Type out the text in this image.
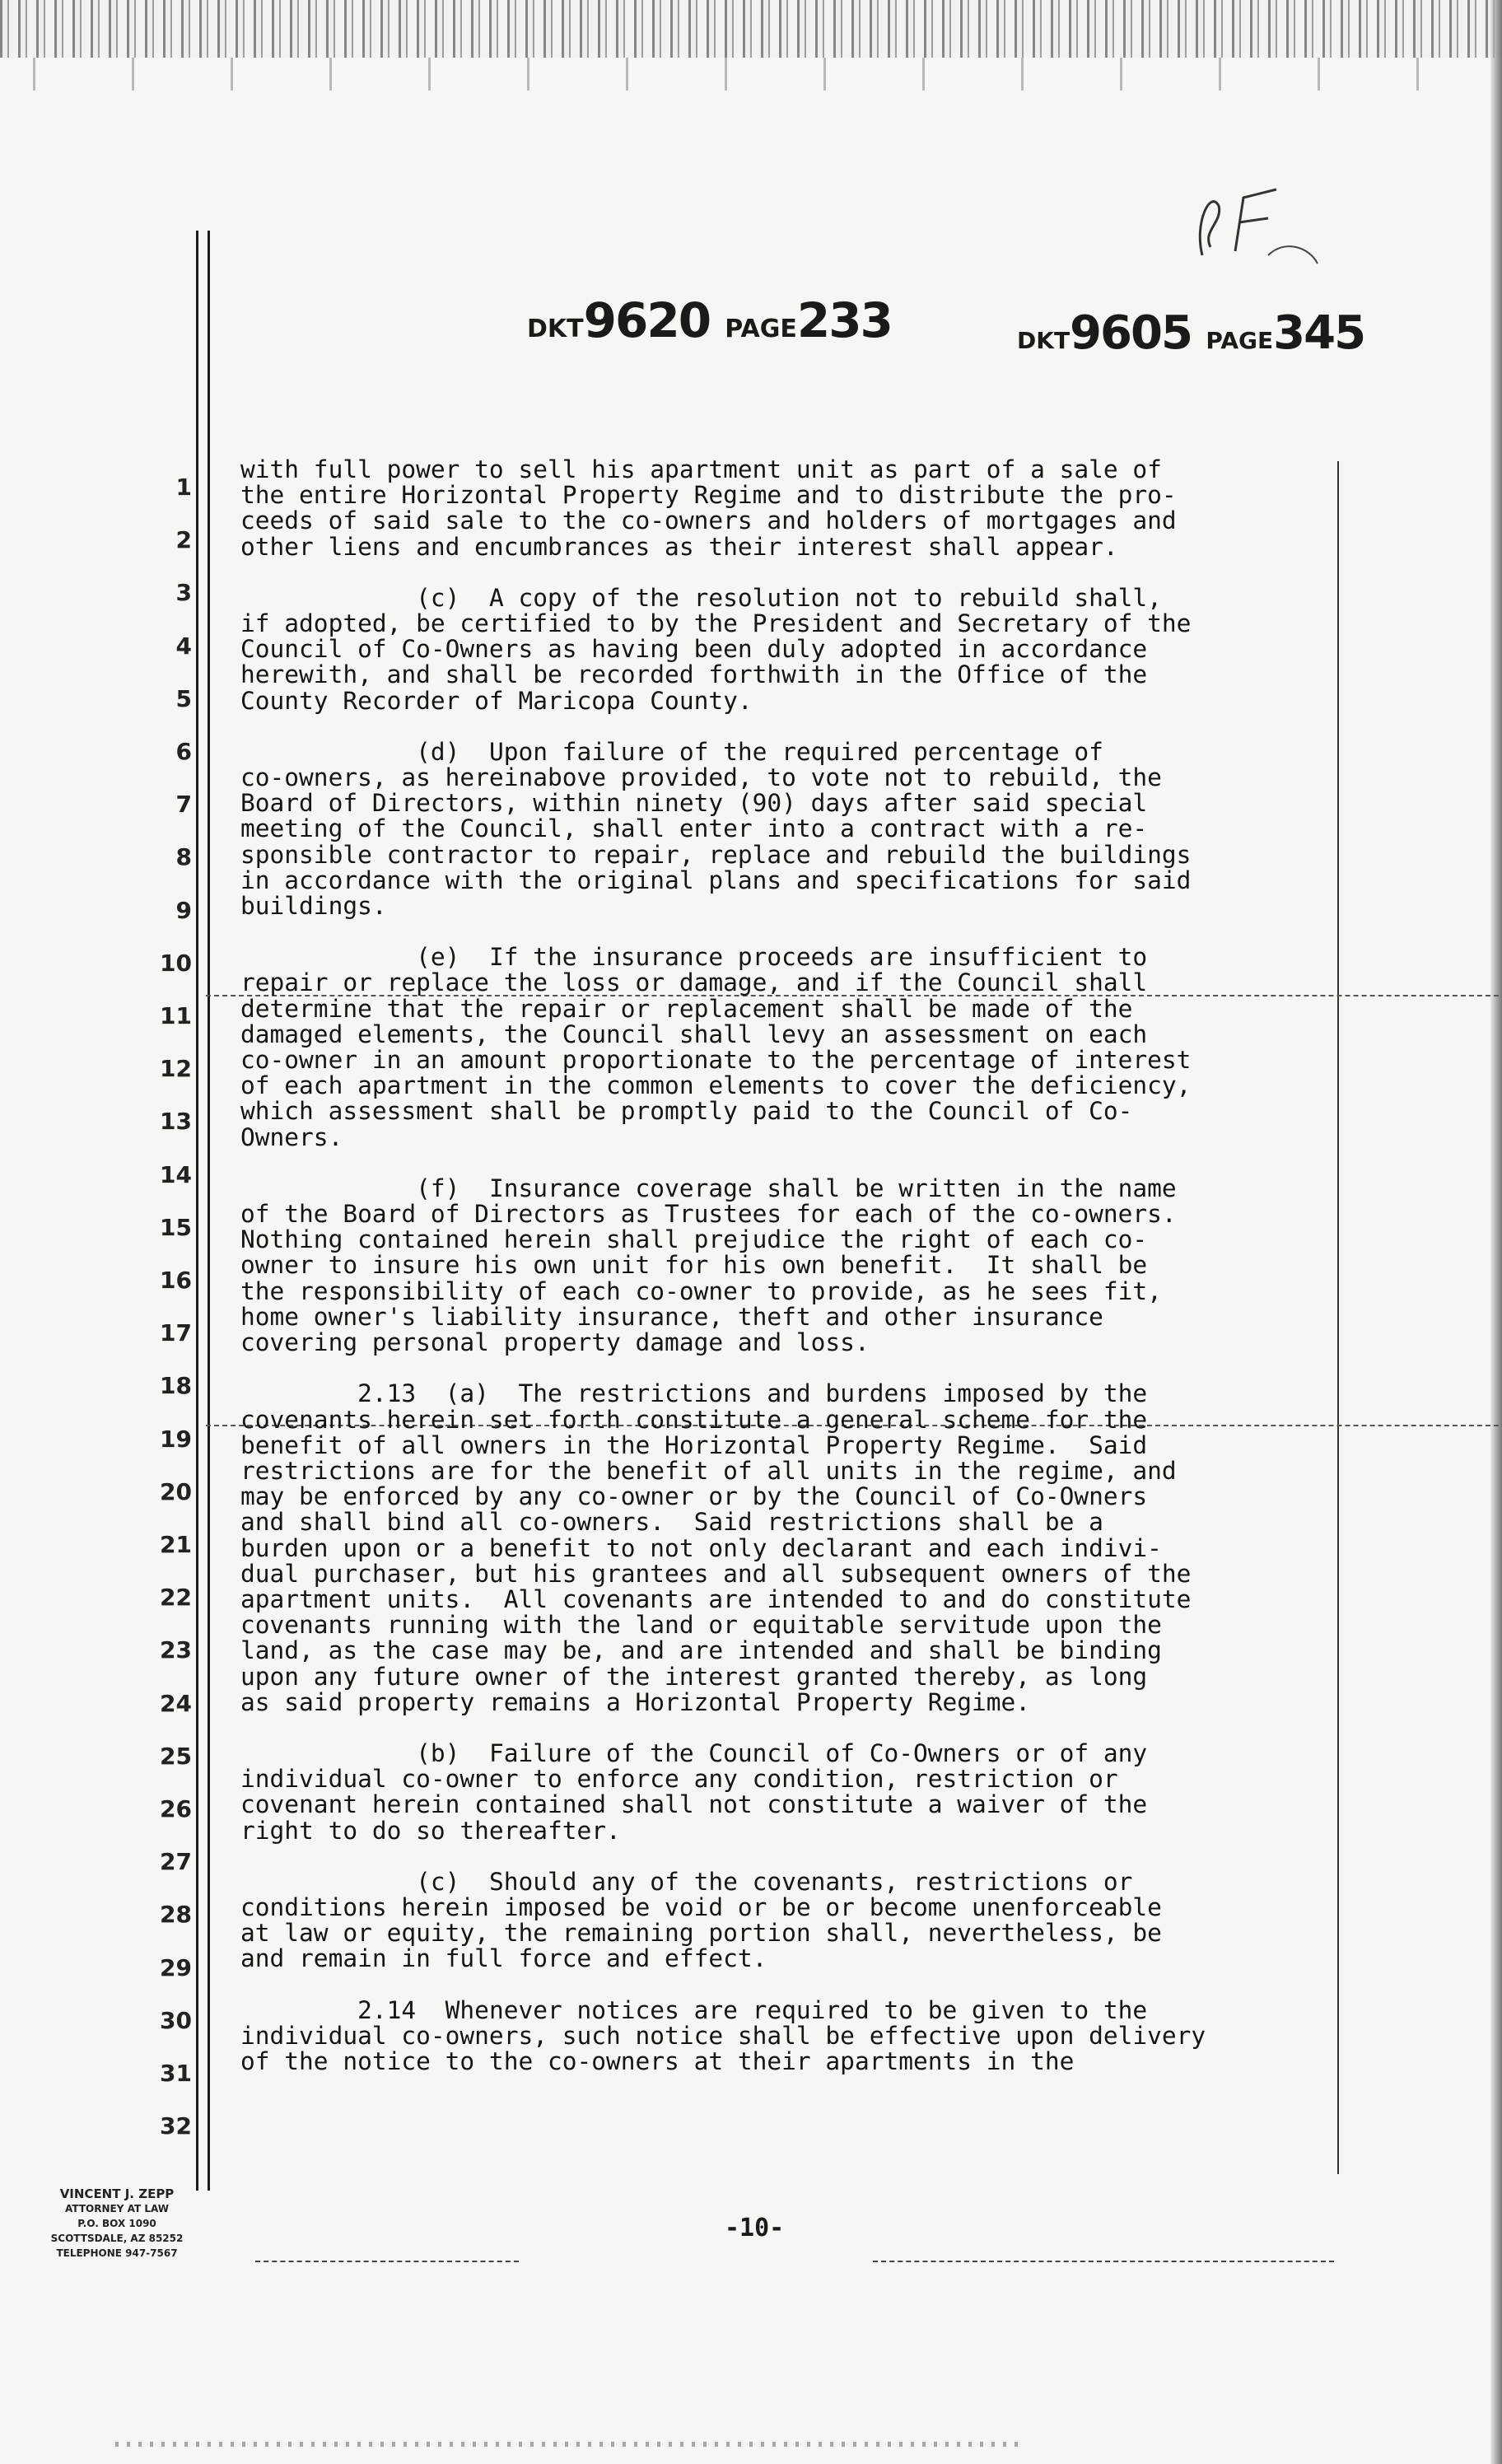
DKT9620 PAGE233	DKT9605 PAGE345
1
2
3
4
5
6
7
8
9
10
11
12
13
14
15
16
17
18
19
20
21
22
23
24
25
26
27
28
29
30
31
32

with full power to sell his apartment unit as part of a sale of
the entire Horizontal Property Regime and to distribute the pro-
ceeds of said sale to the co-owners and holders of mortgages and
other liens and encumbrances as their interest shall appear.

(c)  A copy of the resolution not to rebuild shall,
if adopted, be certified to by the President and Secretary of the
Council of Co-Owners as having been duly adopted in accordance
herewith, and shall be recorded forthwith in the Office of the
County Recorder of Maricopa County.

(d)  Upon failure of the required percentage of
co-owners, as hereinabove provided, to vote not to rebuild, the
Board of Directors, within ninety (90) days after said special
meeting of the Council, shall enter into a contract with a re-
sponsible contractor to repair, replace and rebuild the buildings
in accordance with the original plans and specifications for said
buildings.

(e)  If the insurance proceeds are insufficient to
repair or replace the loss or damage, and if the Council shall
determine that the repair or replacement shall be made of the
damaged elements, the Council shall levy an assessment on each
co-owner in an amount proportionate to the percentage of interest
of each apartment in the common elements to cover the deficiency,
which assessment shall be promptly paid to the Council of Co-
Owners.

(f)  Insurance coverage shall be written in the name
of the Board of Directors as Trustees for each of the co-owners.
Nothing contained herein shall prejudice the right of each co-
owner to insure his own unit for his own benefit.  It shall be
the responsibility of each co-owner to provide, as he sees fit,
home owner's liability insurance, theft and other insurance
covering personal property damage and loss.

2.13  (a)  The restrictions and burdens imposed by the
covenants herein set forth constitute a general scheme for the
benefit of all owners in the Horizontal Property Regime.  Said
restrictions are for the benefit of all units in the regime, and
may be enforced by any co-owner or by the Council of Co-Owners
and shall bind all co-owners.  Said restrictions shall be a
burden upon or a benefit to not only declarant and each indivi-
dual purchaser, but his grantees and all subsequent owners of the
apartment units.  All covenants are intended to and do constitute
covenants running with the land or equitable servitude upon the
land, as the case may be, and are intended and shall be binding
upon any future owner of the interest granted thereby, as long
as said property remains a Horizontal Property Regime.

(b)  Failure of the Council of Co-Owners or of any
individual co-owner to enforce any condition, restriction or
covenant herein contained shall not constitute a waiver of the
right to do so thereafter.

(c)  Should any of the covenants, restrictions or
conditions herein imposed be void or be or become unenforceable
at law or equity, the remaining portion shall, nevertheless, be
and remain in full force and effect.

2.14  Whenever notices are required to be given to the
individual co-owners, such notice shall be effective upon delivery
of the notice to the co-owners at their apartments in the

VINCENT J. ZEPP
ATTORNEY AT LAW
P.O. BOX 1090
SCOTTSDALE, AZ 85252
TELEPHONE 947-7567
-10-
